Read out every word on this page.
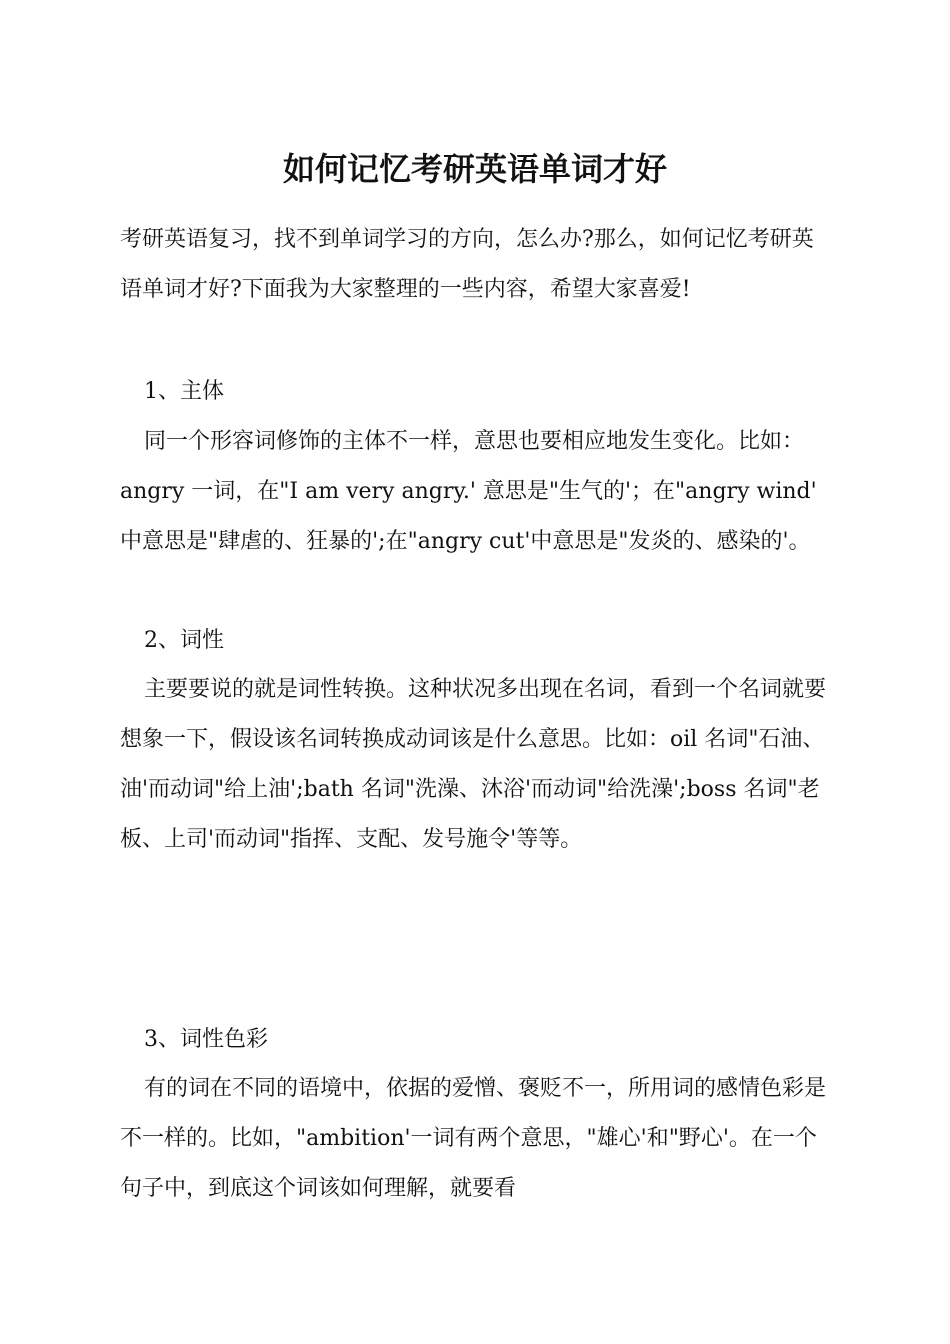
如何记忆考研英语单词才好

考研英语复习，找不到单词学习的方向，怎么办?那么，如何记忆考研英语单词才好?下面我为大家整理的一些内容，希望大家喜爱!

1、主体

同一个形容词修饰的主体不一样，意思也要相应地发生变化。比如：angry 一词，在"I am very angry.' 意思是"生气的'；在"angry wind' 中意思是"肆虐的、狂暴的';在"angry cut'中意思是"发炎的、感染的'。

2、词性

主要要说的就是词性转换。这种状况多出现在名词，看到一个名词就要想象一下，假设该名词转换成动词该是什么意思。比如：oil 名词"石油、油'而动词"给上油';bath 名词"洗澡、沐浴'而动词"给洗澡';boss 名词"老板、上司'而动词"指挥、支配、发号施令'等等。

3、词性色彩

有的词在不同的语境中，依据的爱憎、褒贬不一，所用词的感情色彩是不一样的。比如，"ambition'一词有两个意思，"雄心'和"野心'。在一个句子中，到底这个词该如何理解，就要看
